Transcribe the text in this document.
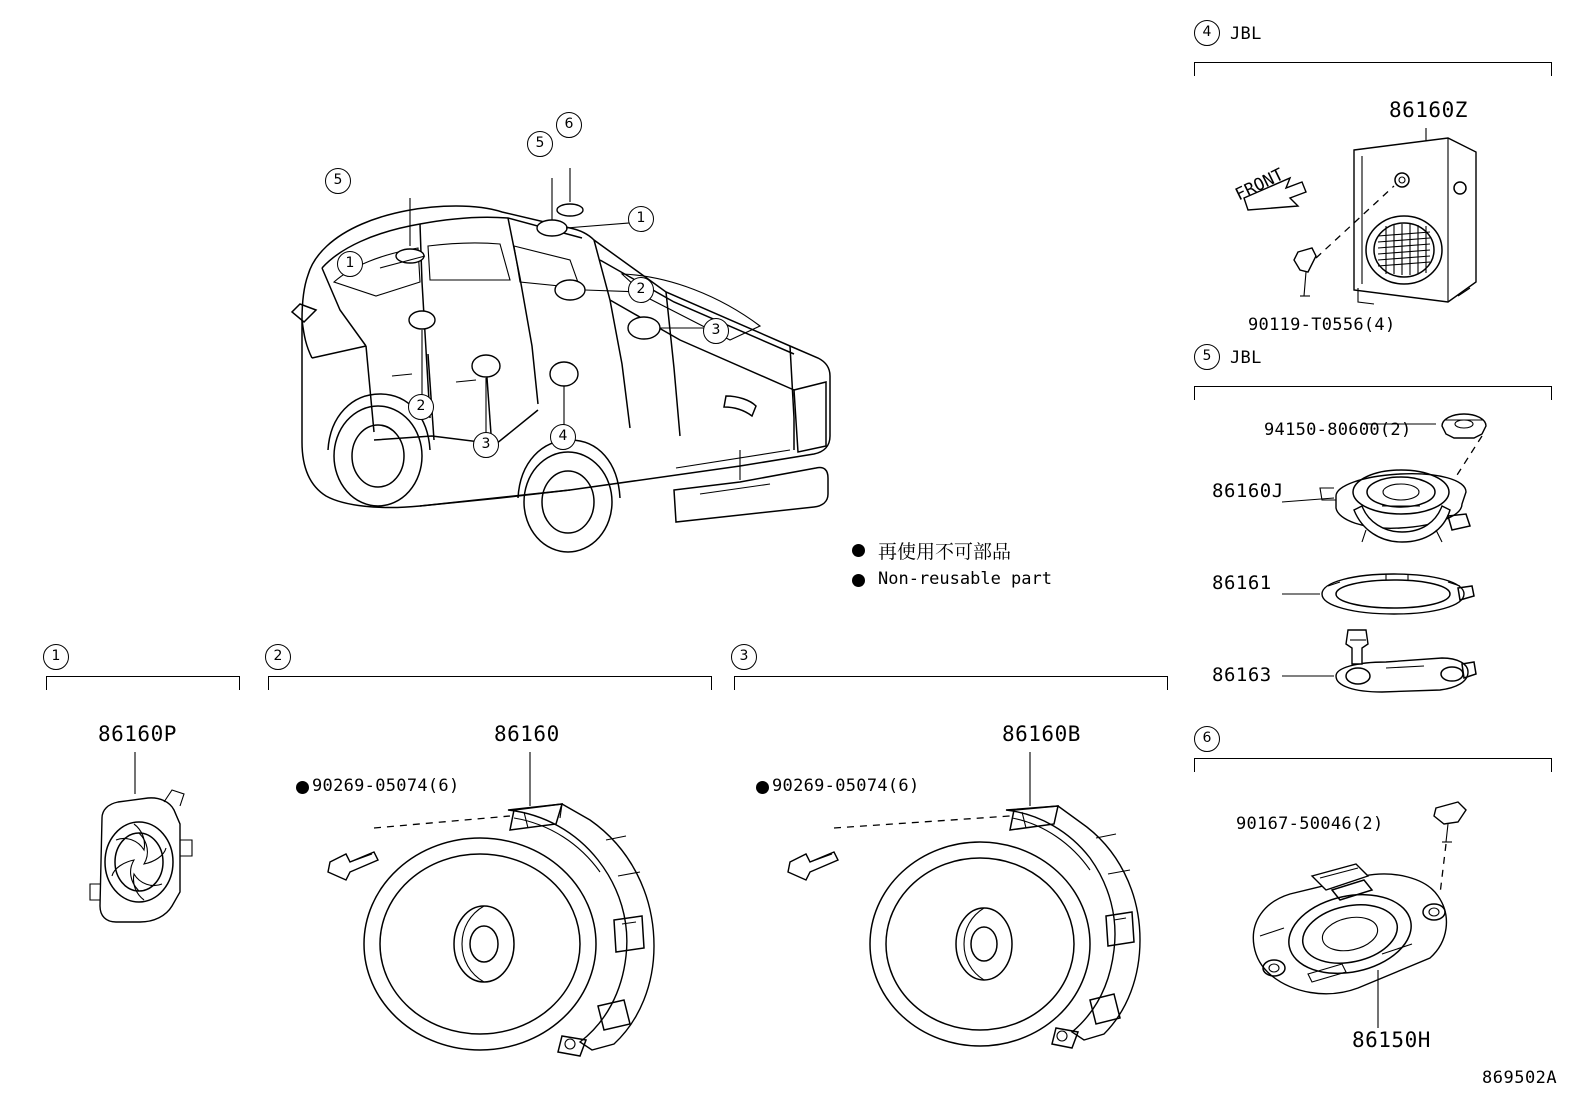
5
5
6
1
1
2
3
2
3	4
再使用不可部品
Non-reusable part
1
86160P
2
86160
90269-05074(6)
3
86160B
90269-05074(6)
4	JBL
86160Z
90119-T0556(4)
FRONT
5	JBL
94150-80600(2)
86160J
86161
86163
6
90167-50046(2)
86150H
869502A
